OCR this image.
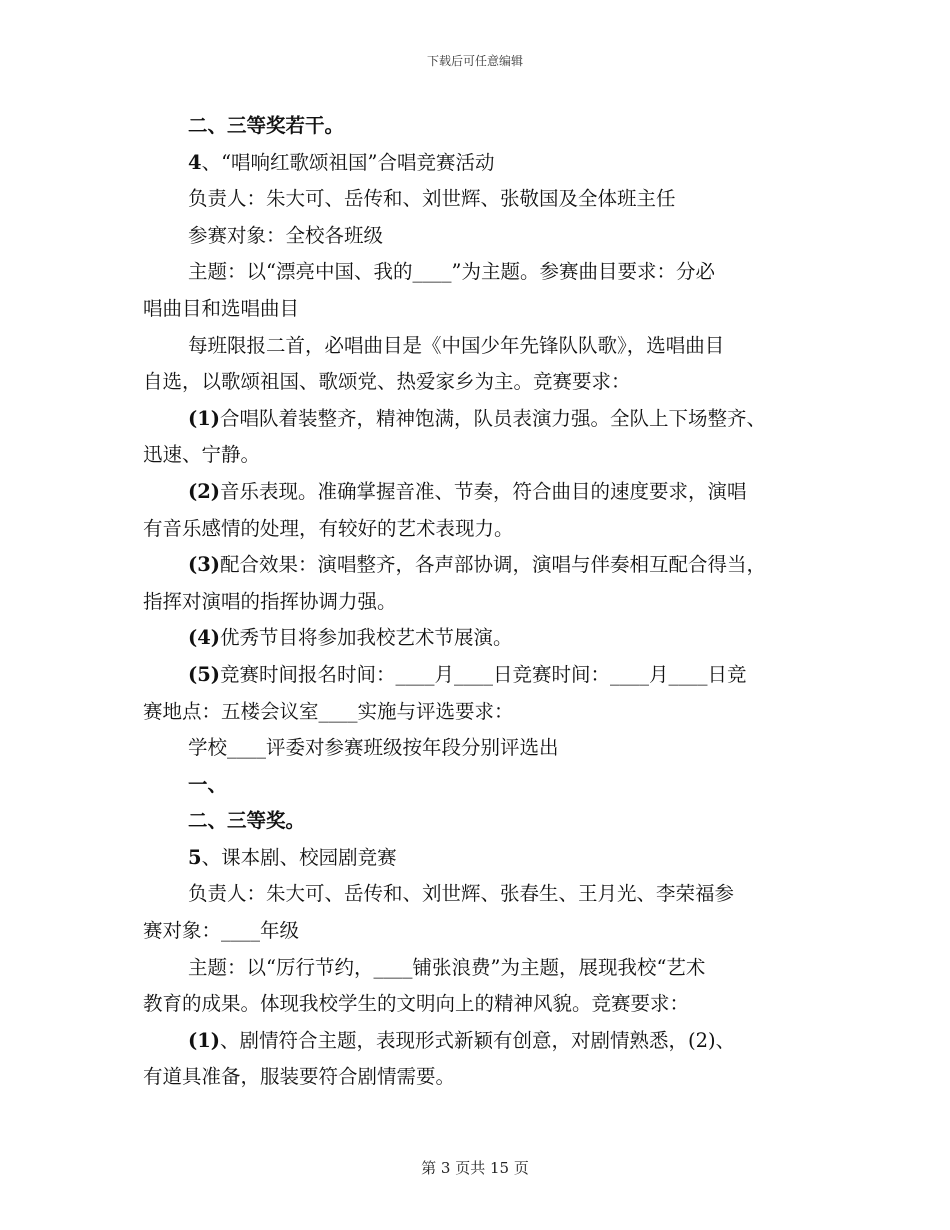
下载后可任意编辑
二、三等奖若干。
4、“唱响红歌颂祖国”合唱竞赛活动
负责人：朱大可、岳传和、刘世辉、张敬国及全体班主任
参赛对象：全校各班级
主题：以“漂亮中国、我的____”为主题。参赛曲目要求：分必
唱曲目和选唱曲目
每班限报二首，必唱曲目是《中国少年先锋队队歌》，选唱曲目
自选，以歌颂祖国、歌颂党、热爱家乡为主。竞赛要求：
(1)合唱队着装整齐，精神饱满，队员表演力强。全队上下场整齐、
迅速、宁静。
(2)音乐表现。准确掌握音准、节奏，符合曲目的速度要求，演唱
有音乐感情的处理，有较好的艺术表现力。
(3)配合效果：演唱整齐，各声部协调，演唱与伴奏相互配合得当，
指挥对演唱的指挥协调力强。
(4)优秀节目将参加我校艺术节展演。
(5)竞赛时间报名时间：____月____日竞赛时间：____月____日竞
赛地点：五楼会议室____实施与评选要求：
学校____评委对参赛班级按年段分别评选出
一、
二、三等奖。
5、课本剧、校园剧竞赛
负责人：朱大可、岳传和、刘世辉、张春生、王月光、李荣福参
赛对象：____年级
主题：以“厉行节约，____铺张浪费”为主题，展现我校“艺术
教育的成果。体现我校学生的文明向上的精神风貌。竞赛要求：
(1)、剧情符合主题，表现形式新颖有创意，对剧情熟悉，(2)、
有道具准备，服装要符合剧情需要。
第 3 页共 15 页
